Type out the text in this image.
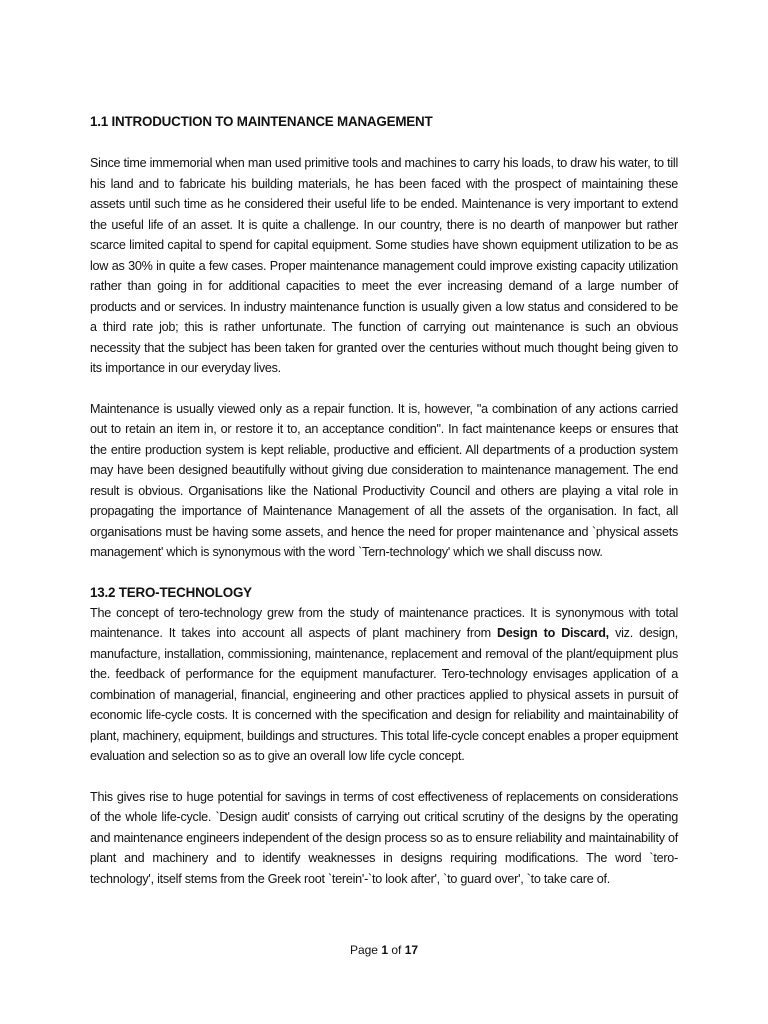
1.1 INTRODUCTION TO MAINTENANCE MANAGEMENT

Since time immemorial when man used primitive tools and machines to carry his loads, to draw his water, to till his land and to fabricate his building materials, he has been faced with the prospect of maintaining these assets until such time as he considered their useful life to be ended. Maintenance is very important to extend the useful life of an asset. It is quite a challenge. In our country, there is no dearth of manpower but rather scarce limited capital to spend for capital equipment. Some studies have shown equipment utilization to be as low as 30% in quite a few cases. Proper maintenance management could improve existing capacity utilization rather than going in for additional capacities to meet the ever increasing demand of a large number of products and or services. In industry maintenance function is usually given a low status and considered to be a third rate job; this is rather unfortunate. The function of carrying out maintenance is such an obvious necessity that the subject has been taken for granted over the centuries without much thought being given to its importance in our everyday lives.

Maintenance is usually viewed only as a repair function. It is, however, "a combination of any actions carried out to retain an item in, or restore it to, an acceptance condition". In fact maintenance keeps or ensures that the entire production system is kept reliable, productive and efficient. All departments of a production system may have been designed beautifully without giving due consideration to maintenance management. The end result is obvious. Organisations like the National Productivity Council and others are playing a vital role in propagating the importance of Maintenance Management of all the assets of the organisation. In fact, all organisations must be having some assets, and hence the need for proper maintenance and `physical assets management' which is synonymous with the word `Tern-technology' which we shall discuss now.

13.2 TERO-TECHNOLOGY

The concept of tero-technology grew from the study of maintenance practices. It is synonymous with total maintenance. It takes into account all aspects of plant machinery from Design to Discard, viz. design, manufacture, installation, commissioning, maintenance, replacement and removal of the plant/equipment plus the. feedback of performance for the equipment manufacturer. Tero-technology envisages application of a combination of managerial, financial, engineering and other practices applied to physical assets in pursuit of economic life-cycle costs. It is concerned with the specification and design for reliability and maintainability of plant, machinery, equipment, buildings and structures. This total life-cycle concept enables a proper equipment evaluation and selection so as to give an overall low life cycle concept.

This gives rise to huge potential for savings in terms of cost effectiveness of replacements on considerations of the whole life-cycle. `Design audit' consists of carrying out critical scrutiny of the designs by the operating and maintenance engineers independent of the design process so as to ensure reliability and maintainability of plant and machinery and to identify weaknesses in designs requiring modifications. The word `tero-technology', itself stems from the Greek root `terein'-`to look after', `to guard over', `to take care of.

Page 1 of 17
